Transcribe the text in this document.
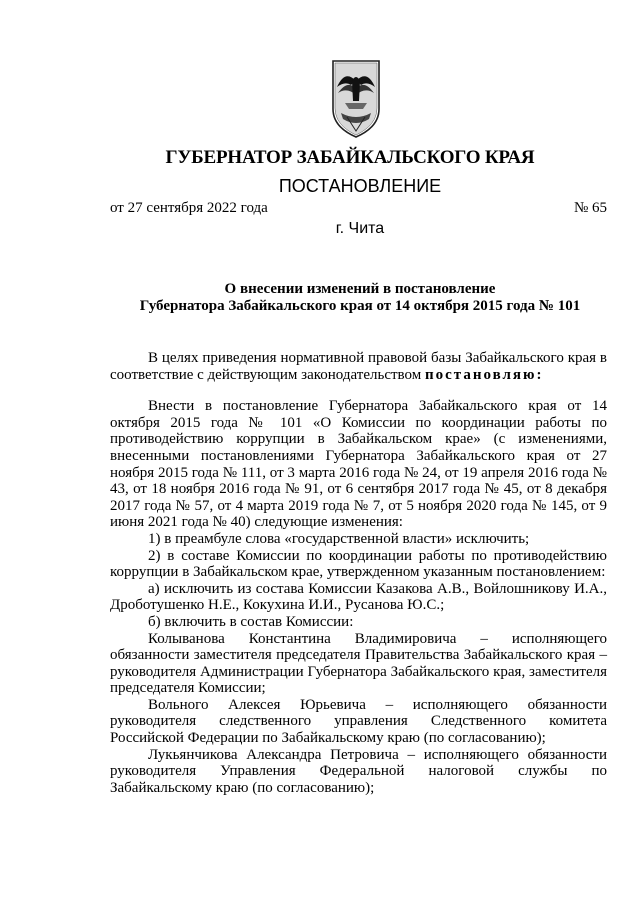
ГУБЕРНАТОР ЗАБАЙКАЛЬСКОГО КРАЯ
ПОСТАНОВЛЕНИЕ
от 27 сентября 2022 года	№ 65
г. Чита
О внесении изменений в постановление
Губернатора Забайкальского края от 14 октября 2015 года № 101

В целях приведения нормативной правовой базы Забайкальского края в соответствие с действующим законодательством постановляю:

Внести в постановление Губернатора Забайкальского края от 14 октября 2015 года № 101 «О Комиссии по координации работы по противодействию коррупции в Забайкальском крае» (с изменениями, внесенными постановлениями Губернатора Забайкальского края от 27 ноября 2015 года № 111, от 3 марта 2016 года № 24, от 19 апреля 2016 года № 43, от 18 ноября 2016 года № 91, от 6 сентября 2017 года № 45, от 8 декабря 2017 года № 57, от 4 марта 2019 года № 7, от 5 ноября 2020 года № 145, от 9 июня 2021 года № 40) следующие изменения:

1) в преамбуле слова «государственной власти» исключить;

2) в составе Комиссии по координации работы по противодействию коррупции в Забайкальском крае, утвержденном указанным постановлением:

а) исключить из состава Комиссии Казакова А.В., Войлошникову И.А., Дроботушенко Н.Е., Кокухина И.И., Русанова Ю.С.;

б) включить в состав Комиссии:

Колыванова Константина Владимировича – исполняющего обязанности заместителя председателя Правительства Забайкальского края – руководителя Администрации Губернатора Забайкальского края, заместителя председателя Комиссии;

Вольного Алексея Юрьевича – исполняющего обязанности руководителя следственного управления Следственного комитета Российской Федерации по Забайкальскому краю (по согласованию);

Лукьянчикова Александра Петровича – исполняющего обязанности руководителя Управления Федеральной налоговой службы по Забайкальскому краю (по согласованию);
